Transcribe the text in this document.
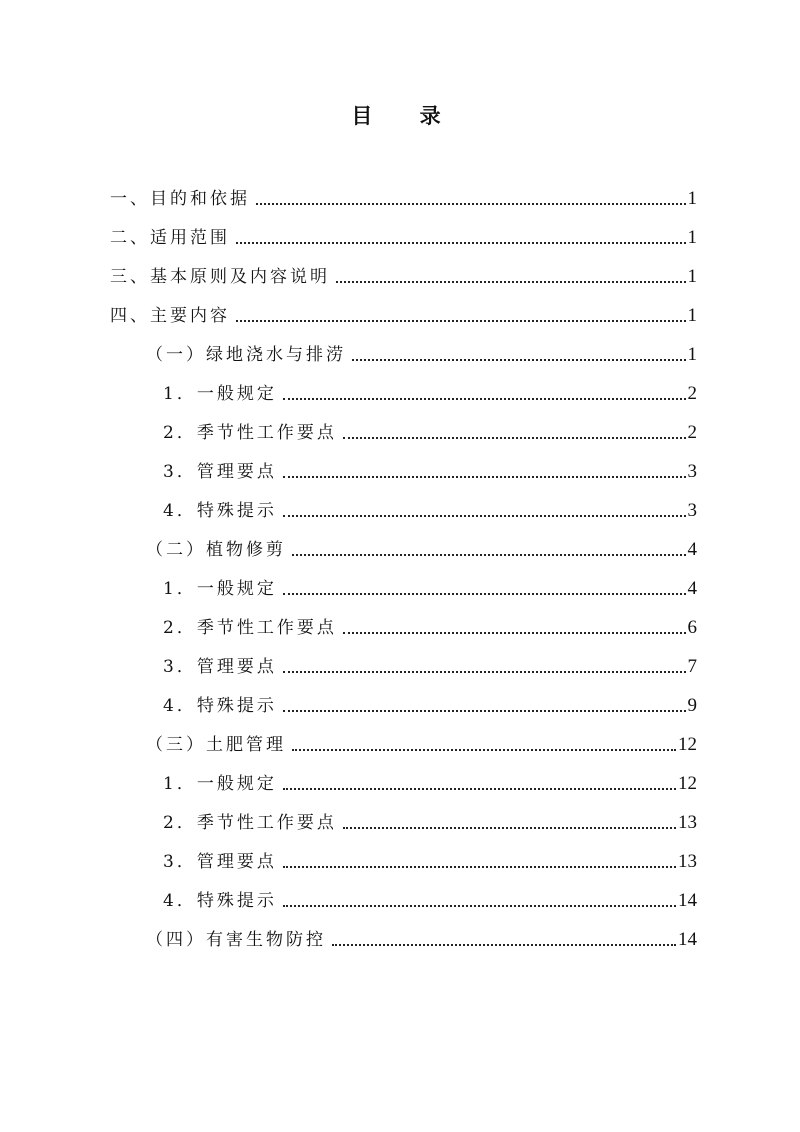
目 录
一、目的和依据	1
二、适用范围	1
三、基本原则及内容说明	1
四、主要内容	1
（一）绿地浇水与排涝	1
1．一般规定	2
2．季节性工作要点	2
3．管理要点	3
4．特殊提示	3
（二）植物修剪	4
1．一般规定	4
2．季节性工作要点	6
3．管理要点	7
4．特殊提示	9
（三）土肥管理	12
1．一般规定	12
2．季节性工作要点	13
3．管理要点	13
4．特殊提示	14
（四）有害生物防控	14
